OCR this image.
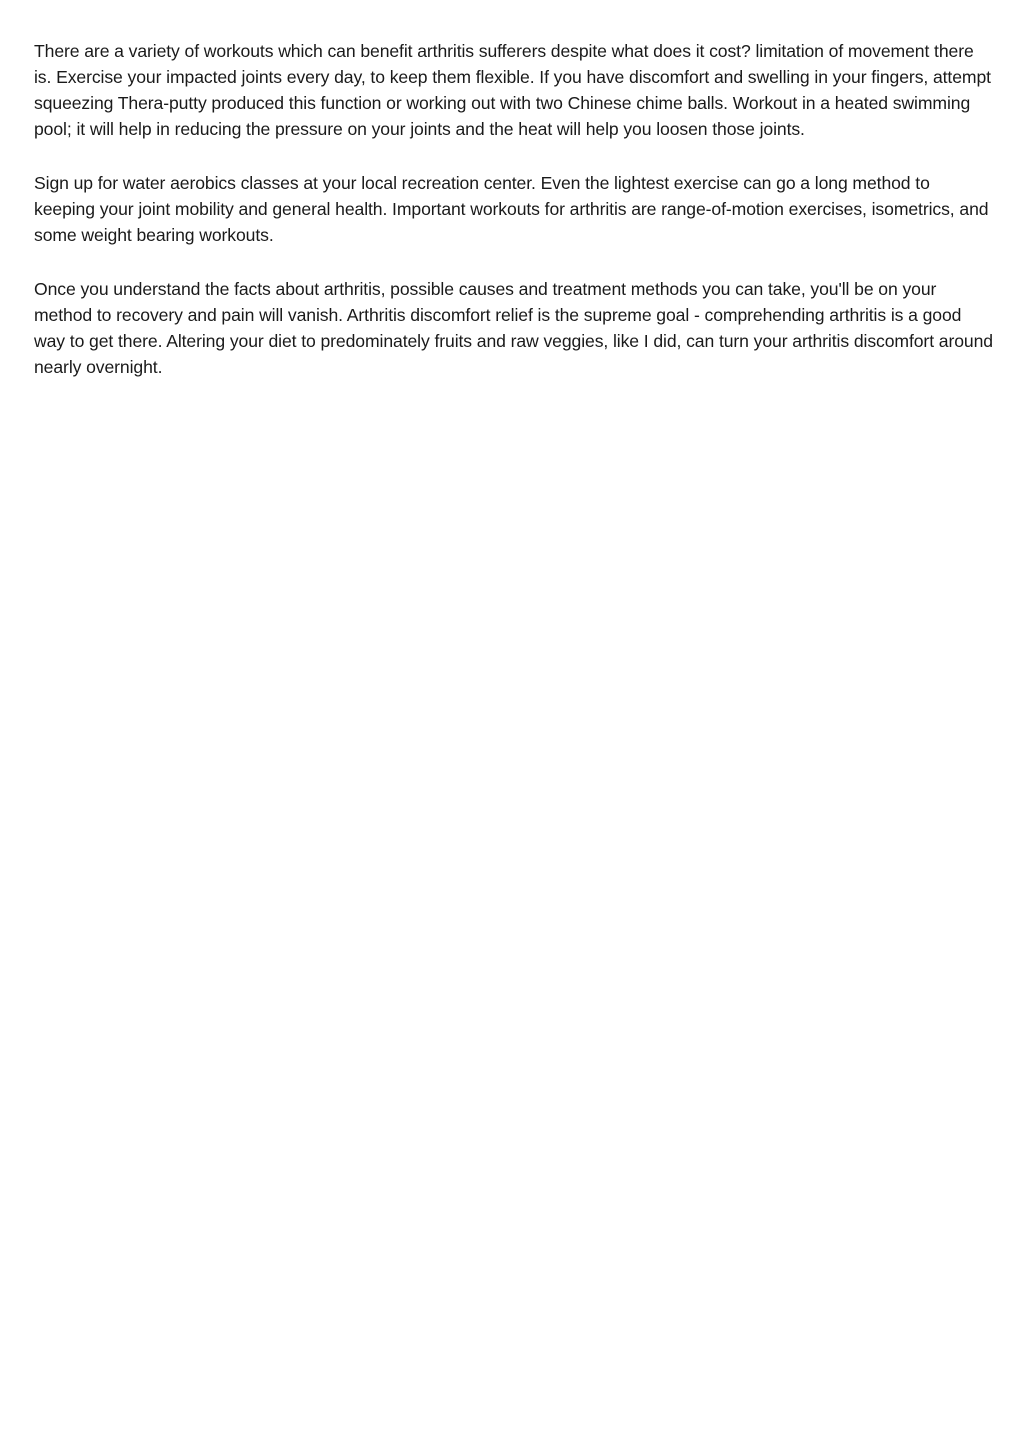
There are a variety of workouts which can benefit arthritis sufferers despite what does it cost? limitation of movement there is. Exercise your impacted joints every day, to keep them flexible. If you have discomfort and swelling in your fingers, attempt squeezing Thera-putty produced this function or working out with two Chinese chime balls. Workout in a heated swimming pool; it will help in reducing the pressure on your joints and the heat will help you loosen those joints.

Sign up for water aerobics classes at your local recreation center. Even the lightest exercise can go a long method to keeping your joint mobility and general health. Important workouts for arthritis are range-of-motion exercises, isometrics, and some weight bearing workouts.

Once you understand the facts about arthritis, possible causes and treatment methods you can take, you'll be on your method to recovery and pain will vanish. Arthritis discomfort relief is the supreme goal - comprehending arthritis is a good way to get there. Altering your diet to predominately fruits and raw veggies, like I did, can turn your arthritis discomfort around nearly overnight.
